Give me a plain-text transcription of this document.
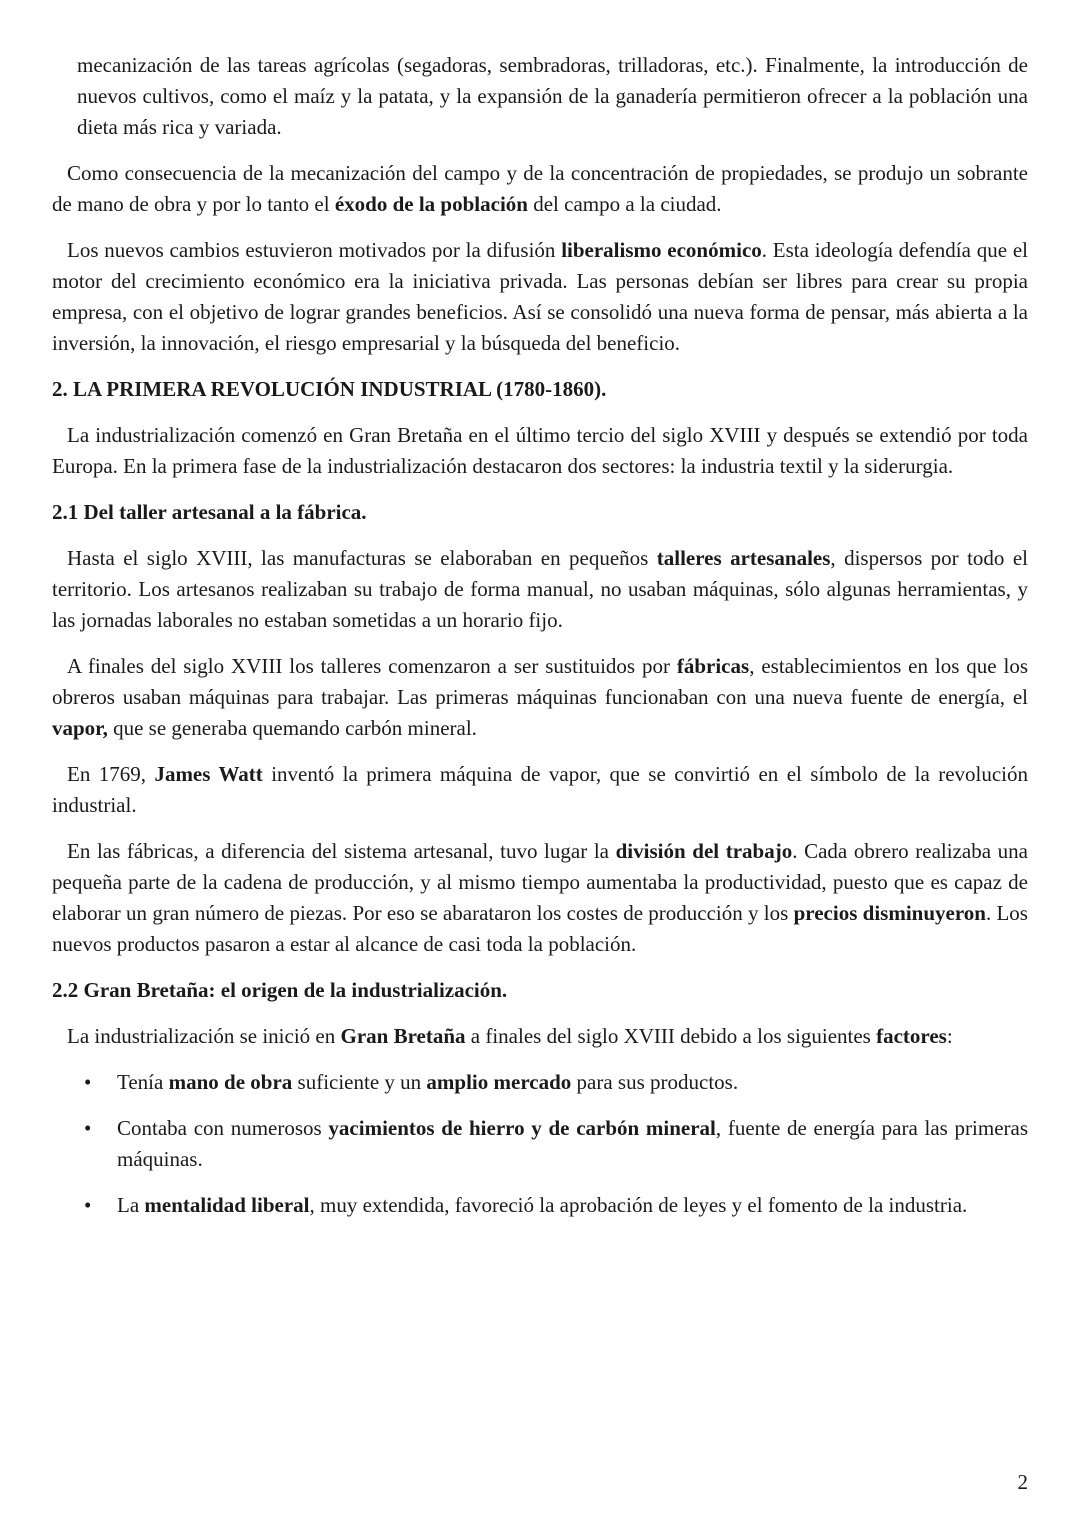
mecanización de las tareas agrícolas (segadoras, sembradoras, trilladoras, etc.). Finalmente, la introducción de nuevos cultivos, como el maíz y la patata, y la expansión de la ganadería permitieron ofrecer a la población una dieta más rica y variada.

Como consecuencia de la mecanización del campo y de la concentración de propiedades, se produjo un sobrante de mano de obra y por lo tanto el éxodo de la población del campo a la ciudad.

Los nuevos cambios estuvieron motivados por la difusión liberalismo económico. Esta ideología defendía que el motor del crecimiento económico era la iniciativa privada. Las personas debían ser libres para crear su propia empresa, con el objetivo de lograr grandes beneficios. Así se consolidó una nueva forma de pensar, más abierta a la inversión, la innovación, el riesgo empresarial y la búsqueda del beneficio.

2. LA PRIMERA REVOLUCIÓN INDUSTRIAL (1780-1860).

La industrialización comenzó en Gran Bretaña en el último tercio del siglo XVIII y después se extendió por toda Europa. En la primera fase de la industrialización destacaron dos sectores: la industria textil y la siderurgia.

2.1 Del taller artesanal a la fábrica.

Hasta el siglo XVIII, las manufacturas se elaboraban en pequeños talleres artesanales, dispersos por todo el territorio. Los artesanos realizaban su trabajo de forma manual, no usaban máquinas, sólo algunas herramientas, y las jornadas laborales no estaban sometidas a un horario fijo.

A finales del siglo XVIII los talleres comenzaron a ser sustituidos por fábricas, establecimientos en los que los obreros usaban máquinas para trabajar. Las primeras máquinas funcionaban con una nueva fuente de energía, el vapor, que se generaba quemando carbón mineral.

En 1769, James Watt inventó la primera máquina de vapor, que se convirtió en el símbolo de la revolución industrial.

En las fábricas, a diferencia del sistema artesanal, tuvo lugar la división del trabajo. Cada obrero realizaba una pequeña parte de la cadena de producción, y al mismo tiempo aumentaba la productividad, puesto que es capaz de elaborar un gran número de piezas. Por eso se abarataron los costes de producción y los precios disminuyeron. Los nuevos productos pasaron a estar al alcance de casi toda la población.

2.2 Gran Bretaña: el origen de la industrialización.

La industrialización se inició en Gran Bretaña a finales del siglo XVIII debido a los siguientes factores:

• Tenía mano de obra suficiente y un amplio mercado para sus productos.
• Contaba con numerosos yacimientos de hierro y de carbón mineral, fuente de energía para las primeras máquinas.
• La mentalidad liberal, muy extendida, favoreció la aprobación de leyes y el fomento de la industria.
2
